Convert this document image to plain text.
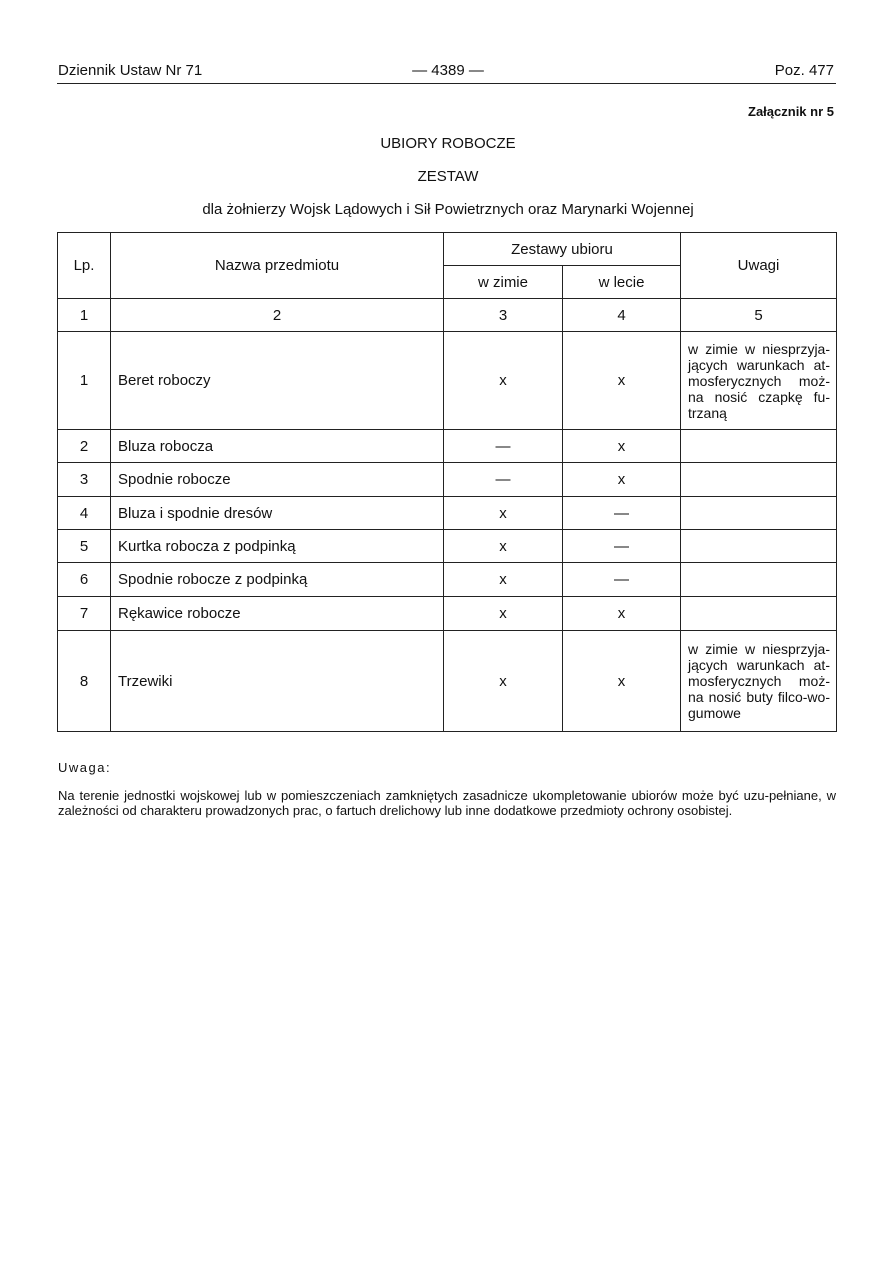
Dziennik Ustaw Nr 71	— 4389 —	Poz. 477
Załącznik nr 5
UBIORY ROBOCZE
ZESTAW
dla żołnierzy Wojsk Lądowych i Sił Powietrznych oraz Marynarki Wojennej
Lp.	Nazwa przedmiotu	Zestawy ubioru		Uwagi
		w zimie	w lecie	
1	2	3	4	5
1	Beret roboczy	x	x	w zimie w niesprzyja-jących warunkach at-mosferycznych moż-na nosić czapkę fu-trzaną
2	Bluza robocza	—	x	
3	Spodnie robocze	—	x	
4	Bluza i spodnie dresów	x	—	
5	Kurtka robocza z podpinką	x	—	
6	Spodnie robocze z podpinką	x	—	
7	Rękawice robocze	x	x	
8	Trzewiki	x	x	w zimie w niesprzyja-jących warunkach at-mosferycznych moż-na nosić buty filco-wo-gumowe
Uwaga:
Na terenie jednostki wojskowej lub w pomieszczeniach zamkniętych zasadnicze ukompletowanie ubiorów może być uzu-pełniane, w zależności od charakteru prowadzonych prac, o fartuch drelichowy lub inne dodatkowe przedmioty ochrony osobistej.
